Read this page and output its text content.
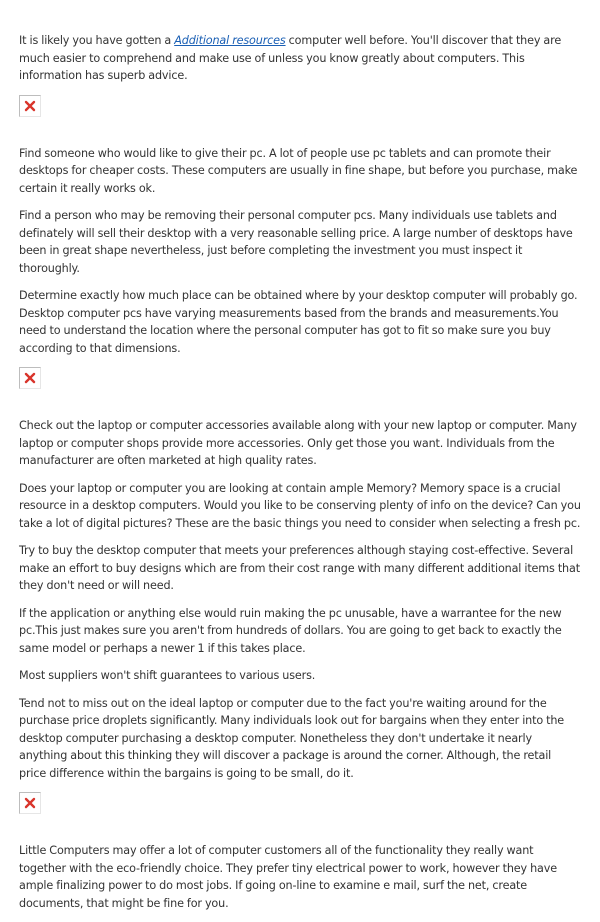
It is likely you have gotten a Additional resources computer well before. You'll discover that they are much easier to comprehend and make use of unless you know greatly about computers. This information has superb advice.

Find someone who would like to give their pc. A lot of people use pc tablets and can promote their desktops for cheaper costs. These computers are usually in fine shape, but before you purchase, make certain it really works ok.

Find a person who may be removing their personal computer pcs. Many individuals use tablets and definately will sell their desktop with a very reasonable selling price. A large number of desktops have been in great shape nevertheless, just before completing the investment you must inspect it thoroughly.

Determine exactly how much place can be obtained where by your desktop computer will probably go. Desktop computer pcs have varying measurements based from the brands and measurements.You need to understand the location where the personal computer has got to fit so make sure you buy according to that dimensions.

Check out the laptop or computer accessories available along with your new laptop or computer. Many laptop or computer shops provide more accessories. Only get those you want. Individuals from the manufacturer are often marketed at high quality rates.

Does your laptop or computer you are looking at contain ample Memory? Memory space is a crucial resource in a desktop computers. Would you like to be conserving plenty of info on the device? Can you take a lot of digital pictures? These are the basic things you need to consider when selecting a fresh pc.

Try to buy the desktop computer that meets your preferences although staying cost-effective. Several make an effort to buy designs which are from their cost range with many different additional items that they don't need or will need.

If the application or anything else would ruin making the pc unusable, have a warrantee for the new pc.This just makes sure you aren't from hundreds of dollars. You are going to get back to exactly the same model or perhaps a newer 1 if this takes place.

Most suppliers won't shift guarantees to various users.

Tend not to miss out on the ideal laptop or computer due to the fact you're waiting around for the purchase price droplets significantly. Many individuals look out for bargains when they enter into the desktop computer purchasing a desktop computer. Nonetheless they don't undertake it nearly anything about this thinking they will discover a package is around the corner. Although, the retail price difference within the bargains is going to be small, do it.

Little Computers may offer a lot of computer customers all of the functionality they really want together with the eco-friendly choice. They prefer tiny electrical power to work, however they have ample finalizing power to do most jobs. If going on-line to examine e mail, surf the net, create documents, that might be fine for you.
